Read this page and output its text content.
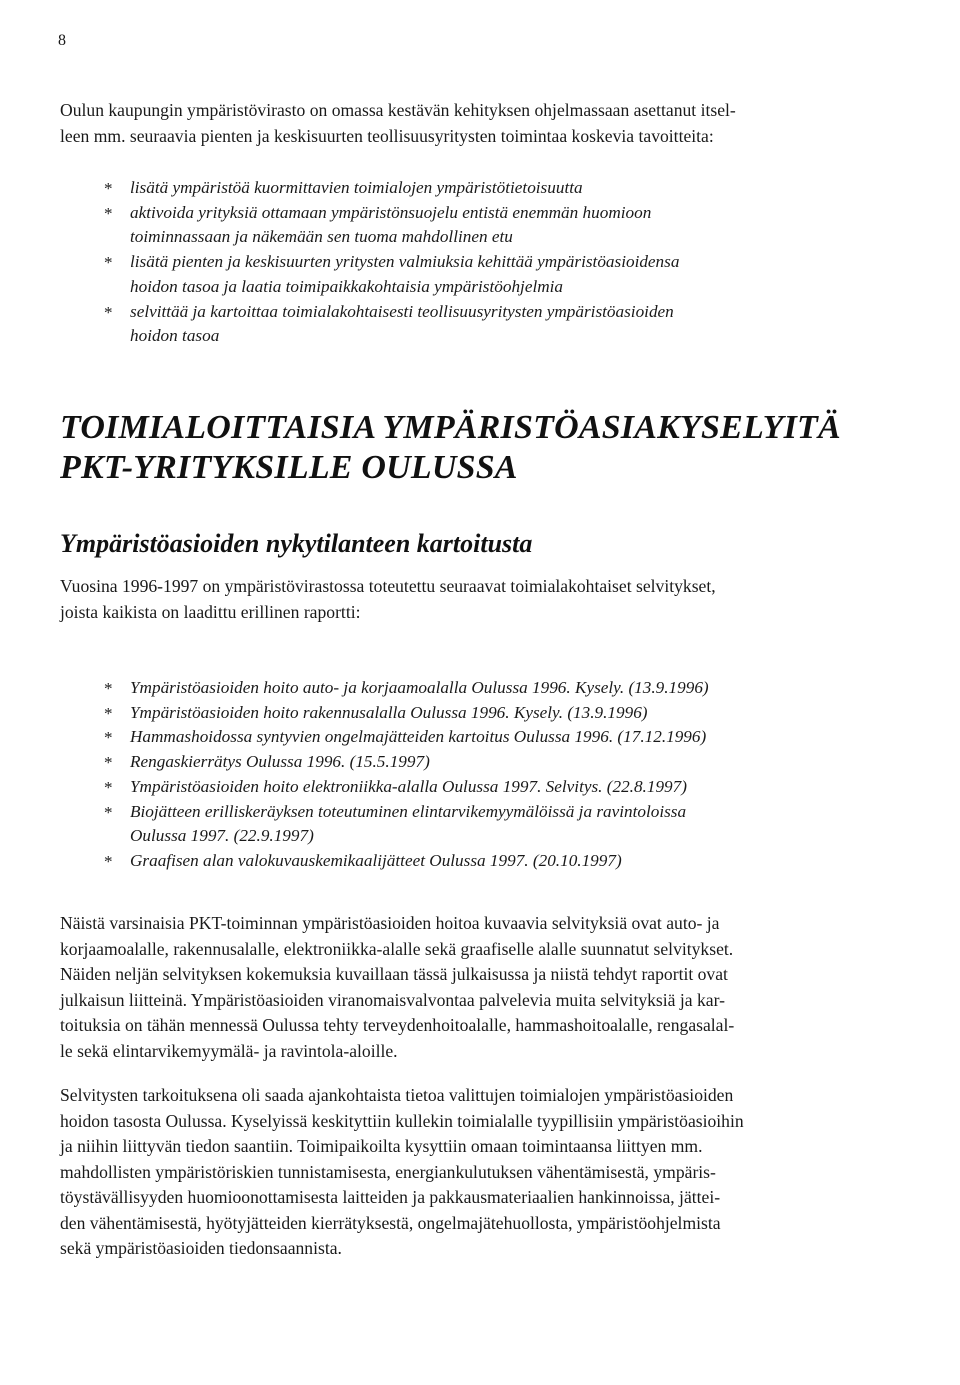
8

Oulun kaupungin ympäristövirasto on omassa kestävän kehityksen ohjelmassaan asettanut itsel-
leen mm. seuraavia pienten ja keskisuurten teollisuusyritysten toimintaa koskevia tavoitteita:

* lisätä ympäristöä kuormittavien toimialojen ympäristötietoisuutta
* aktivoida yrityksiä ottamaan ympäristönsuojelu entistä enemmän huomioon
toiminnassaan ja näkemään sen tuoma mahdollinen etu
* lisätä pienten ja keskisuurten yritysten valmiuksia kehittää ympäristöasioidensa
hoidon tasoa ja laatia toimipaikkakohtaisia ympäristöohjelmia
* selvittää ja kartoittaa toimialakohtaisesti teollisuusyritysten ympäristöasioiden
hoidon tasoa
TOIMIALOITTAISIA YMPÄRISTÖASIAKYSELYITÄ
PKT-YRITYKSILLE OULUSSA
Ympäristöasioiden nykytilanteen kartoitusta

Vuosina 1996-1997 on ympäristövirastossa toteutettu seuraavat toimialakohtaiset selvitykset,
joista kaikista on laadittu erillinen raportti:

* Ympäristöasioiden hoito auto- ja korjaamoalalla Oulussa 1996. Kysely. (13.9.1996)
* Ympäristöasioiden hoito rakennusalalla Oulussa 1996. Kysely. (13.9.1996)
* Hammashoidossa syntyvien ongelmajätteiden kartoitus Oulussa 1996. (17.12.1996)
* Rengaskierrätys Oulussa 1996. (15.5.1997)
* Ympäristöasioiden hoito elektroniikka-alalla Oulussa 1997. Selvitys. (22.8.1997)
* Biojätteen erilliskeräyksen toteutuminen elintarvikemyymälöissä ja ravintoloissa
Oulussa 1997. (22.9.1997)
* Graafisen alan valokuvauskemikaalijätteet Oulussa 1997. (20.10.1997)

Näistä varsinaisia PKT-toiminnan ympäristöasioiden hoitoa kuvaavia selvityksiä ovat auto- ja
korjaamoalalle, rakennusalalle, elektroniikka-alalle sekä graafiselle alalle suunnatut selvitykset.
Näiden neljän selvityksen kokemuksia kuvaillaan tässä julkaisussa ja niistä tehdyt raportit ovat
julkaisun liitteinä. Ympäristöasioiden viranomaisvalvontaa palvelevia muita selvityksiä ja kar-
toituksia on tähän mennessä Oulussa tehty terveydenhoitoalalle, hammashoitoalalle, rengasalal-
le sekä elintarvikemyymälä- ja ravintola-aloille.

Selvitysten tarkoituksena oli saada ajankohtaista tietoa valittujen toimialojen ympäristöasioiden
hoidon tasosta Oulussa. Kyselyissä keskityttiin kullekin toimialalle tyypillisiin ympäristöasioihin
ja niihin liittyvän tiedon saantiin. Toimipaikoilta kysyttiin omaan toimintaansa liittyen mm.
mahdollisten ympäristöriskien tunnistamisesta, energiankulutuksen vähentämisestä, ympäris-
töystävällisyyden huomioonottamisesta laitteiden ja pakkausmateriaalien hankinnoissa, jättei-
den vähentämisestä, hyötyjätteiden kierrätyksestä, ongelmajätehuollosta, ympäristöohjelmista
sekä ympäristöasioiden tiedonsaannista.
